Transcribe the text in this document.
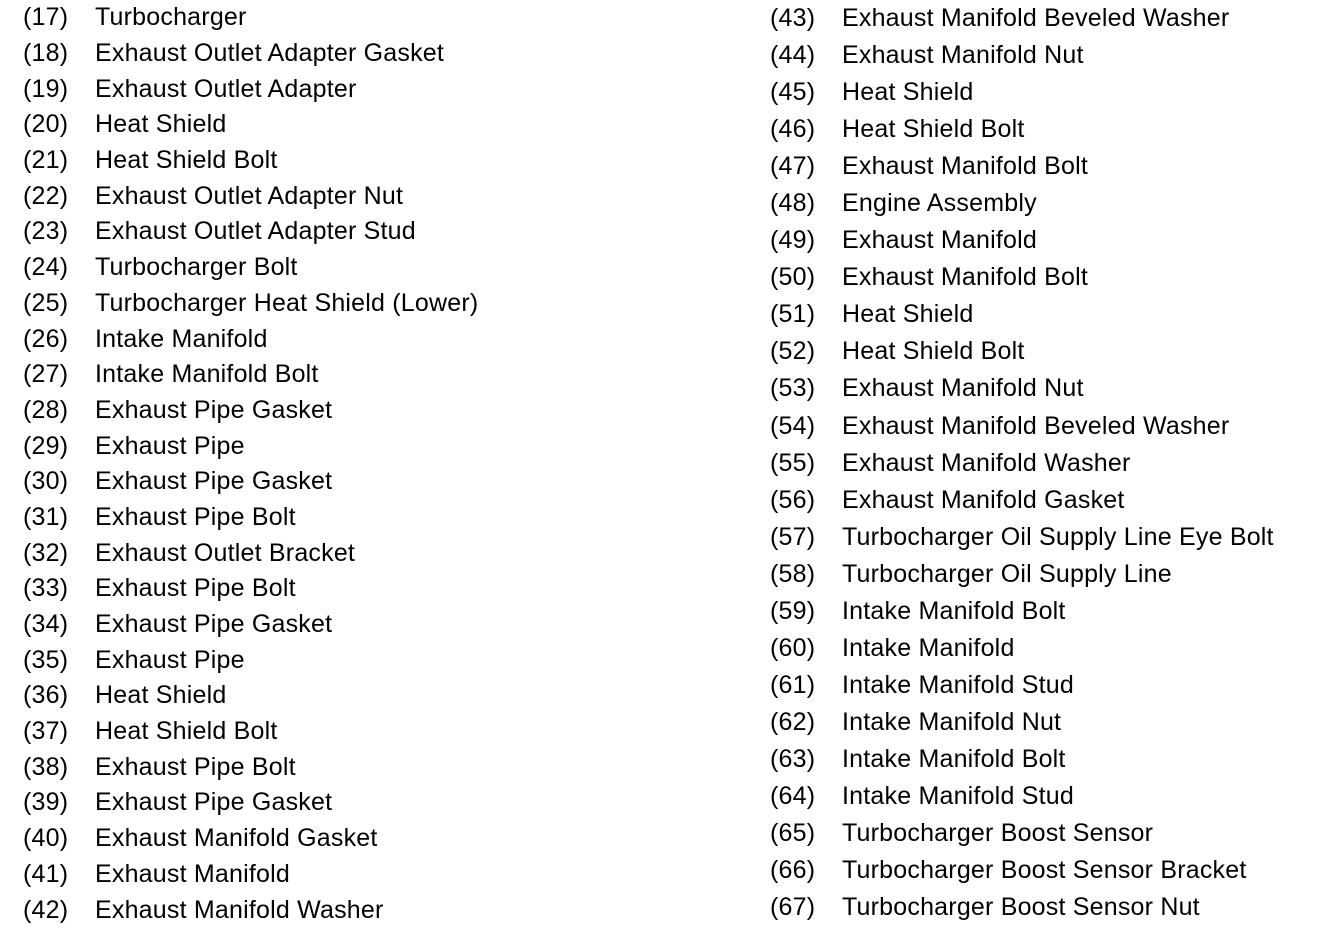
(17)	Turbocharger
(18)	Exhaust Outlet Adapter Gasket
(19)	Exhaust Outlet Adapter
(20)	Heat Shield
(21)	Heat Shield Bolt
(22)	Exhaust Outlet Adapter Nut
(23)	Exhaust Outlet Adapter Stud
(24)	Turbocharger Bolt
(25)	Turbocharger Heat Shield (Lower)
(26)	Intake Manifold
(27)	Intake Manifold Bolt
(28)	Exhaust Pipe Gasket
(29)	Exhaust Pipe
(30)	Exhaust Pipe Gasket
(31)	Exhaust Pipe Bolt
(32)	Exhaust Outlet Bracket
(33)	Exhaust Pipe Bolt
(34)	Exhaust Pipe Gasket
(35)	Exhaust Pipe
(36)	Heat Shield
(37)	Heat Shield Bolt
(38)	Exhaust Pipe Bolt
(39)	Exhaust Pipe Gasket
(40)	Exhaust Manifold Gasket
(41)	Exhaust Manifold
(42)	Exhaust Manifold Washer
(43)	Exhaust Manifold Beveled Washer
(44)	Exhaust Manifold Nut
(45)	Heat Shield
(46)	Heat Shield Bolt
(47)	Exhaust Manifold Bolt
(48)	Engine Assembly
(49)	Exhaust Manifold
(50)	Exhaust Manifold Bolt
(51)	Heat Shield
(52)	Heat Shield Bolt
(53)	Exhaust Manifold Nut
(54)	Exhaust Manifold Beveled Washer
(55)	Exhaust Manifold Washer
(56)	Exhaust Manifold Gasket
(57)	Turbocharger Oil Supply Line Eye Bolt
(58)	Turbocharger Oil Supply Line
(59)	Intake Manifold Bolt
(60)	Intake Manifold
(61)	Intake Manifold Stud
(62)	Intake Manifold Nut
(63)	Intake Manifold Bolt
(64)	Intake Manifold Stud
(65)	Turbocharger Boost Sensor
(66)	Turbocharger Boost Sensor Bracket
(67)	Turbocharger Boost Sensor Nut
